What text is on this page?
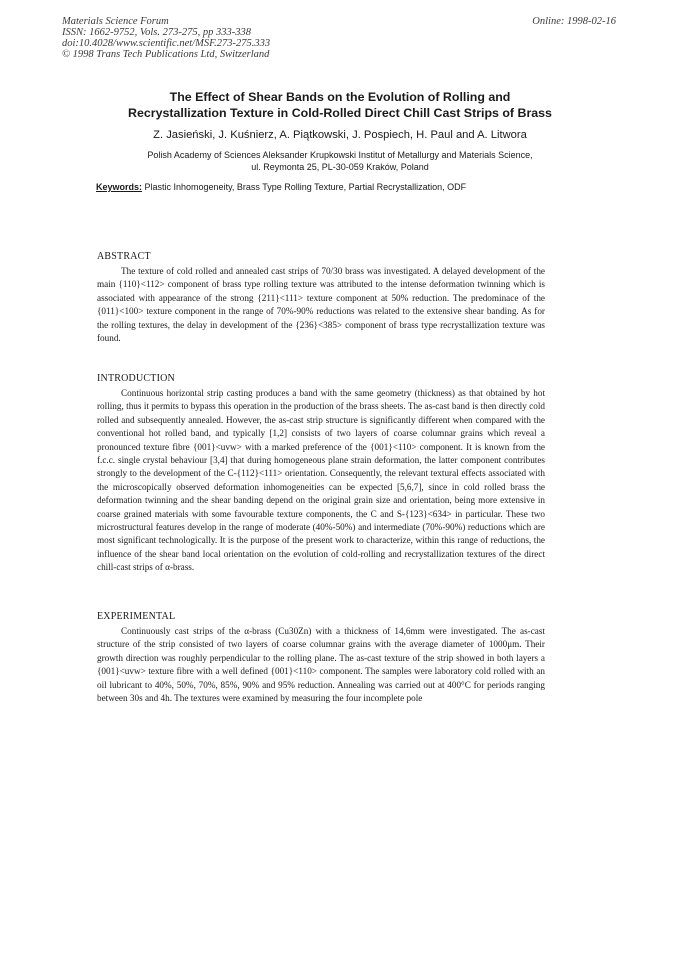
Materials Science Forum
ISSN: 1662-9752, Vols. 273-275, pp 333-338
doi:10.4028/www.scientific.net/MSF.273-275.333
© 1998 Trans Tech Publications Ltd, Switzerland
Online: 1998-02-16
The Effect of Shear Bands on the Evolution of Rolling and
Recrystallization Texture in Cold-Rolled Direct Chill Cast Strips of Brass
Z. Jasieński, J. Kuśnierz, A. Piątkowski, J. Pospiech, H. Paul and A. Litwora
Polish Academy of Sciences Aleksander Krupkowski Institut of Metallurgy and Materials Science,
ul. Reymonta 25, PL-30-059 Kraków, Poland
Keywords: Plastic Inhomogeneity, Brass Type Rolling Texture, Partial Recrystallization, ODF
ABSTRACT

The texture of cold rolled and annealed cast strips of 70/30 brass was investigated. A delayed development of the main {110}<112> component of brass type rolling texture was attributed to the intense deformation twinning which is associated with appearance of the strong {211}<111> texture component at 50% reduction. The predominace of the {011}<100> texture component in the range of 70%-90% reductions was related to the extensive shear banding. As for the rolling textures, the delay in development of the {236}<385> component of brass type recrystallization texture was found.

INTRODUCTION

Continuous horizontal strip casting produces a band with the same geometry (thickness) as that obtained by hot rolling, thus it permits to bypass this operation in the production of the brass sheets. The as-cast band is then directly cold rolled and subsequently annealed. However, the as-cast strip structure is significantly different when compared with the conventional hot rolled band, and typically [1,2] consists of two layers of coarse columnar grains which reveal a pronounced texture fibre {001}<uvw> with a marked preference of the {001}<110> component. It is known from the f.c.c. single crystal behaviour [3,4] that during homogeneous plane strain deformation, the latter component contributes strongly to the development of the C-{112}<111> orientation. Consequently, the relevant textural effects associated with the microscopically observed deformation inhomogeneities can be expected [5,6,7], since in cold rolled brass the deformation twinning and the shear banding depend on the original grain size and orientation, being more extensive in coarse grained materials with some favourable texture components, the C and S-{123}<634> in particular. These two microstructural features develop in the range of moderate (40%-50%) and intermediate (70%-90%) reductions which are most significant technologically. It is the purpose of the present work to characterize, within this range of reductions, the influence of the shear band local orientation on the evolution of cold-rolling and recrystallization textures of the direct chill-cast strips of α-brass.

EXPERIMENTAL

Continuously cast strips of the α-brass (Cu30Zn) with a thickness of 14,6mm were investigated. The as-cast structure of the strip consisted of two layers of coarse columnar grains with the average diameter of 1000μm. Their growth direction was roughly perpendicular to the rolling plane. The as-cast texture of the strip showed in both layers a {001}<uvw> texture fibre with a well defined {001}<110> component. The samples were laboratory cold rolled with an oil lubricant to 40%, 50%, 70%, 85%, 90% and 95% reduction. Annealing was carried out at 400°C for periods ranging between 30s and 4h. The textures were examined by measuring the four incomplete pole
